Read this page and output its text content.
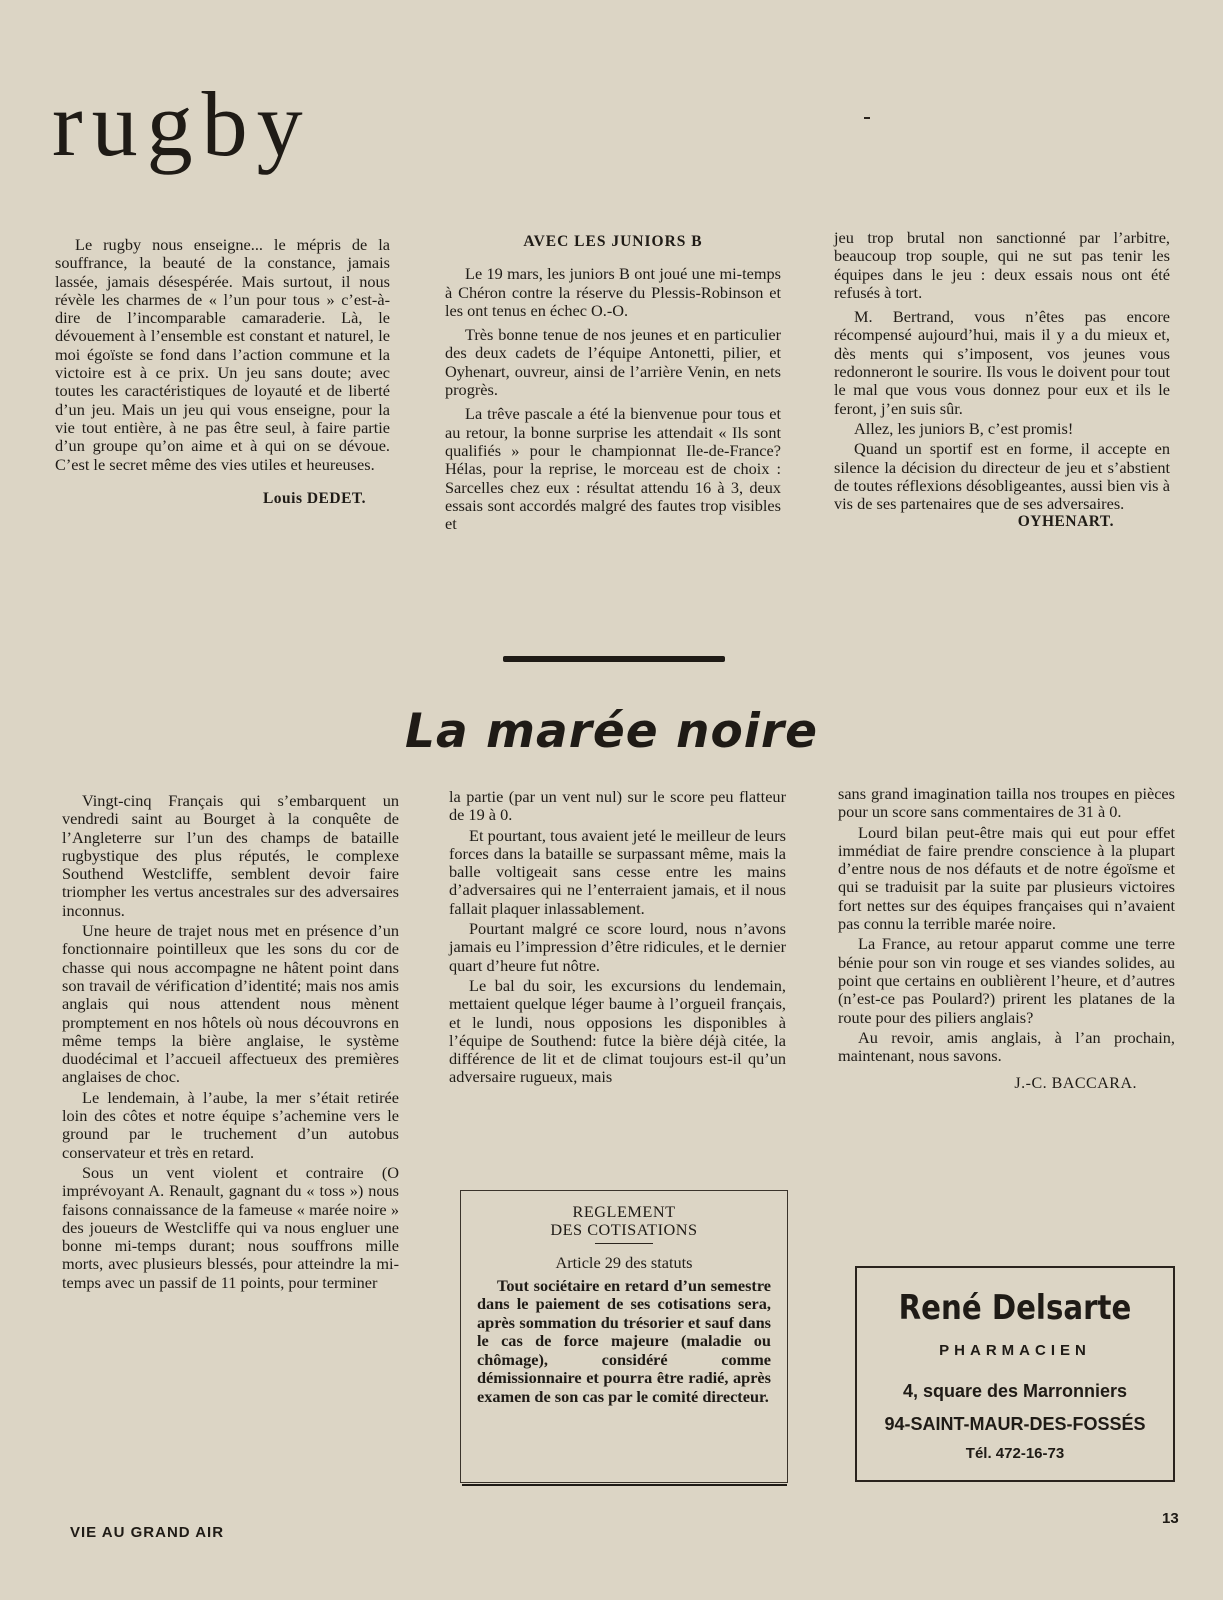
rugby

Le rugby nous enseigne... le mépris de la souffrance, la beauté de la constance, jamais lassée, jamais désespérée. Mais surtout, il nous révèle les charmes de « l’un pour tous » c’est-à-dire de l’incomparable camaraderie. Là, le dévouement à l’ensemble est constant et naturel, le moi égoïste se fond dans l’action commune et la victoire est à ce prix. Un jeu sans doute; avec toutes les caractéristiques de loyauté et de liberté d’un jeu. Mais un jeu qui vous enseigne, pour la vie tout entière, à ne pas être seul, à faire partie d’un groupe qu’on aime et à qui on se dévoue. C’est le secret même des vies utiles et heureuses.

Louis DEDET.
AVEC LES JUNIORS B

Le 19 mars, les juniors B ont joué une mi-temps à Chéron contre la réserve du Plessis-Robinson et les ont tenus en échec O.-O.

Très bonne tenue de nos jeunes et en particulier des deux cadets de l’équipe Antonetti, pilier, et Oyhenart, ouvreur, ainsi de l’arrière Venin, en nets progrès.

La trêve pascale a été la bienvenue pour tous et au retour, la bonne surprise les attendait « Ils sont qualifiés » pour le championnat Ile-de-France? Hélas, pour la reprise, le morceau est de choix : Sarcelles chez eux : résultat attendu 16 à 3, deux essais sont accordés malgré des fautes trop visibles et

jeu trop brutal non sanctionné par l’arbitre, beaucoup trop souple, qui ne sut pas tenir les équipes dans le jeu : deux essais nous ont été refusés à tort.

M. Bertrand, vous n’êtes pas encore récompensé aujourd’hui, mais il y a du mieux et, dès ments qui s’imposent, vos jeunes vous redonneront le sourire. Ils vous le doivent pour tout le mal que vous vous donnez pour eux et ils le feront, j’en suis sûr.

Allez, les juniors B, c’est promis!

Quand un sportif est en forme, il accepte en silence la décision du directeur de jeu et s’abstient de toutes réflexions désobligeantes, aussi bien vis à vis de ses partenaires que de ses adversaires.

OYHENART.
La marée noire

Vingt-cinq Français qui s’embarquent un vendredi saint au Bourget à la conquête de l’Angleterre sur l’un des champs de bataille rugbystique des plus réputés, le complexe Southend Westcliffe, semblent devoir faire triompher les vertus ancestrales sur des adversaires inconnus.

Une heure de trajet nous met en présence d’un fonctionnaire pointilleux que les sons du cor de chasse qui nous accompagne ne hâtent point dans son travail de vérification d’identité; mais nos amis anglais qui nous attendent nous mènent promptement en nos hôtels où nous découvrons en même temps la bière anglaise, le système duodécimal et l’accueil affectueux des premières anglaises de choc.

Le lendemain, à l’aube, la mer s’était retirée loin des côtes et notre équipe s’achemine vers le ground par le truchement d’un autobus conservateur et très en retard.

Sous un vent violent et contraire (O imprévoyant A. Renault, gagnant du « toss ») nous faisons connaissance de la fameuse « marée noire » des joueurs de Westcliffe qui va nous engluer une bonne mi-temps durant; nous souffrons mille morts, avec plusieurs blessés, pour atteindre la mi-temps avec un passif de 11 points, pour terminer

la partie (par un vent nul) sur le score peu flatteur de 19 à 0.

Et pourtant, tous avaient jeté le meilleur de leurs forces dans la bataille se surpassant même, mais la balle voltigeait sans cesse entre les mains d’adversaires qui ne l’enterraient jamais, et il nous fallait plaquer inlassablement.

Pourtant malgré ce score lourd, nous n’avons jamais eu l’impression d’être ridicules, et le dernier quart d’heure fut nôtre.

Le bal du soir, les excursions du lendemain, mettaient quelque léger baume à l’orgueil français, et le lundi, nous opposions les disponibles à l’équipe de Southend: futce la bière déjà citée, la différence de lit et de climat toujours est-il qu’un adversaire rugueux, mais

sans grand imagination tailla nos troupes en pièces pour un score sans commentaires de 31 à 0.

Lourd bilan peut-être mais qui eut pour effet immédiat de faire prendre conscience à la plupart d’entre nous de nos défauts et de notre égoïsme et qui se traduisit par la suite par plusieurs victoires fort nettes sur des équipes françaises qui n’avaient pas connu la terrible marée noire.

La France, au retour apparut comme une terre bénie pour son vin rouge et ses viandes solides, au point que certains en oublièrent l’heure, et d’autres (n’est-ce pas Poulard?) prirent les platanes de la route pour des piliers anglais?

Au revoir, amis anglais, à l’an prochain, maintenant, nous savons.

J.-C. BACCARA.
REGLEMENT
DES COTISATIONS
Article 29 des statuts

Tout sociétaire en retard d’un semestre dans le paiement de ses cotisations sera, après sommation du trésorier et sauf dans le cas de force majeure (maladie ou chômage), considéré comme démissionnaire et pourra être radié, après examen de son cas par le comité directeur.

René Delsarte
PHARMACIEN
4, square des Marronniers
94-SAINT-MAUR-DES-FOSSÉS
Tél. 472-16-73
VIE AU GRAND AIR
13
